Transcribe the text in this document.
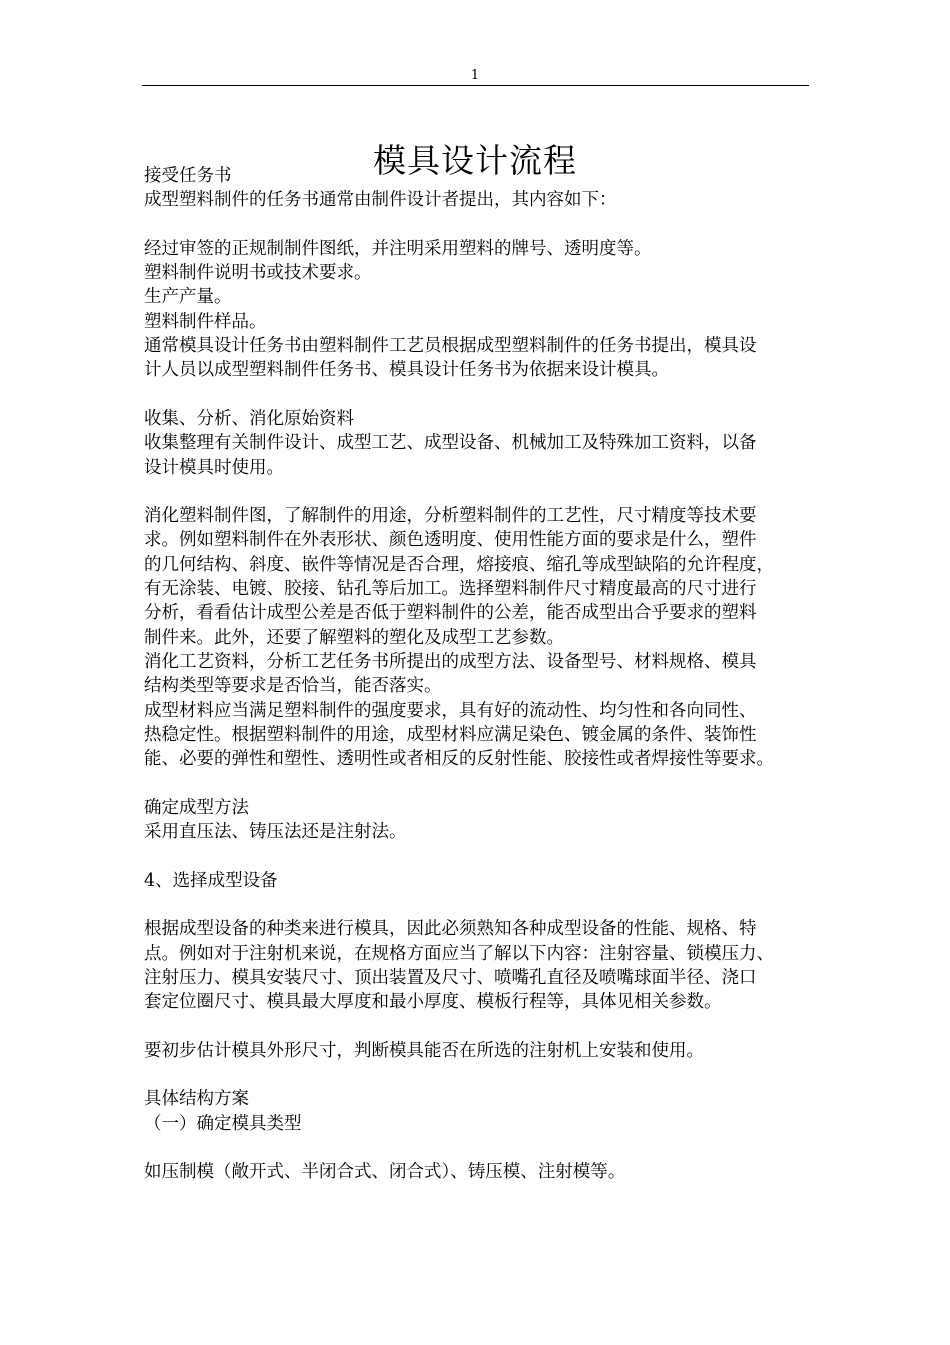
1
模具设计流程
接受任务书
成型塑料制件的任务书通常由制件设计者提出，其内容如下：
经过审签的正规制制件图纸，并注明采用塑料的牌号、透明度等。
塑料制件说明书或技术要求。
生产产量。
塑料制件样品。
通常模具设计任务书由塑料制件工艺员根据成型塑料制件的任务书提出，模具设
计人员以成型塑料制件任务书、模具设计任务书为依据来设计模具。
收集、分析、消化原始资料
收集整理有关制件设计、成型工艺、成型设备、机械加工及特殊加工资料，以备
设计模具时使用。
消化塑料制件图，了解制件的用途，分析塑料制件的工艺性，尺寸精度等技术要
求。例如塑料制件在外表形状、颜色透明度、使用性能方面的要求是什么，塑件
的几何结构、斜度、嵌件等情况是否合理，熔接痕、缩孔等成型缺陷的允许程度，
有无涂装、电镀、胶接、钻孔等后加工。选择塑料制件尺寸精度最高的尺寸进行
分析，看看估计成型公差是否低于塑料制件的公差，能否成型出合乎要求的塑料
制件来。此外，还要了解塑料的塑化及成型工艺参数。
消化工艺资料，分析工艺任务书所提出的成型方法、设备型号、材料规格、模具
结构类型等要求是否恰当，能否落实。
成型材料应当满足塑料制件的强度要求，具有好的流动性、均匀性和各向同性、
热稳定性。根据塑料制件的用途，成型材料应满足染色、镀金属的条件、装饰性
能、必要的弹性和塑性、透明性或者相反的反射性能、胶接性或者焊接性等要求。
确定成型方法
采用直压法、铸压法还是注射法。
4、选择成型设备
根据成型设备的种类来进行模具，因此必须熟知各种成型设备的性能、规格、特
点。例如对于注射机来说，在规格方面应当了解以下内容：注射容量、锁模压力、
注射压力、模具安装尺寸、顶出装置及尺寸、喷嘴孔直径及喷嘴球面半径、浇口
套定位圈尺寸、模具最大厚度和最小厚度、模板行程等，具体见相关参数。
要初步估计模具外形尺寸，判断模具能否在所选的注射机上安装和使用。
具体结构方案
（一）确定模具类型
如压制模（敞开式、半闭合式、闭合式）、铸压模、注射模等。
